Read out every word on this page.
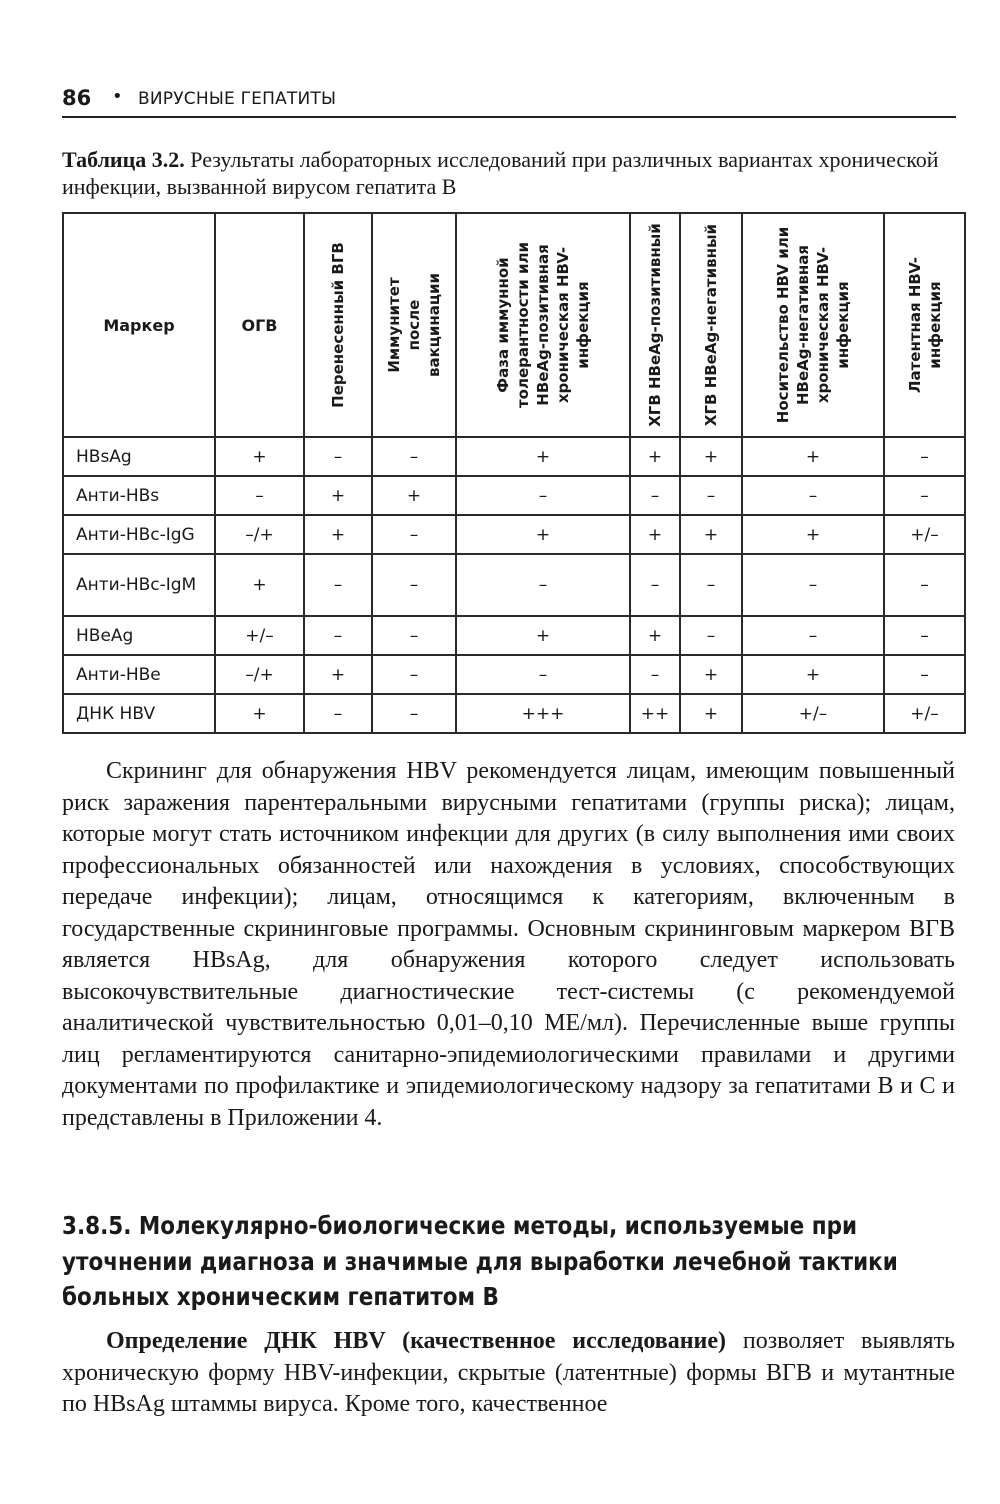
86 • ВИРУСНЫЕ ГЕПАТИТЫ
Таблица 3.2. Результаты лабораторных исследований при различных вариантах хронической инфекции, вызванной вирусом гепатита В
Маркер	ОГВ	Перенесенный ВГВ	Иммунитет после вакцинации	Фаза иммунной толерантности или HBeAg-позитивная хроническая HBV-инфекция	ХГВ HBeAg-позитивный	ХГВ HBeAg-негативный	Носительство HBV или HBeAg-негативная хроническая HBV-инфекция	Латентная HBV-инфекция

HBsAg	+	–	–	+	+	+	+	–
Анти-HBs	–	+	+	–	–	–	–	–
Анти-HBc-IgG	–/+	+	–	+	+	+	+	+/–
Анти-HBc-IgM	+	–	–	–	–	–	–	–
HBeAg	+/–	–	–	+	+	–	–	–
Анти-HBe	–/+	+	–	–	–	+	+	–
ДНК HBV	+	–	–	+++	++	+	+/–	+/–
Скрининг для обнаружения HBV рекомендуется лицам, имеющим повышенный риск заражения парентеральными вирусными гепатитами (группы риска); лицам, которые могут стать источником инфекции для других (в силу выполнения ими своих профессиональных обязанностей или нахождения в условиях, способствующих передаче инфекции); лицам, относящимся к категориям, включенным в государственные скрининговые программы. Основным скрининговым маркером ВГВ является HBsAg, для обнаружения которого следует использовать высокочувствительные диагностические тест-системы (с рекомендуемой аналитической чувствительностью 0,01–0,10 МЕ/мл). Перечисленные выше группы лиц регламентируются санитарно-эпидемиологическими правилами и другими документами по профилактике и эпидемиологическому надзору за гепатитами В и С и представлены в Приложении 4.
3.8.5. Молекулярно-биологические методы, используемые при уточнении диагноза и значимые для выработки лечебной тактики больных хроническим гепатитом В
Определение ДНК HBV (качественное исследование) позволяет выявлять хроническую форму HBV-инфекции, скрытые (латентные) формы ВГВ и мутантные по HBsAg штаммы вируса. Кроме того, качественное
